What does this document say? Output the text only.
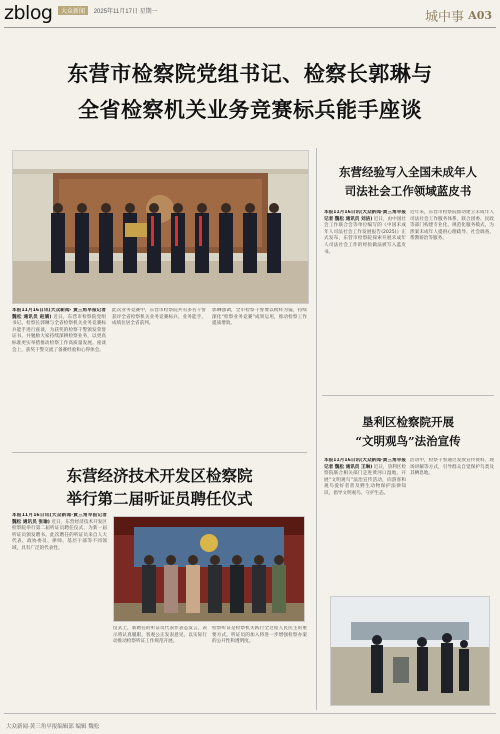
zblog	大众新闻 2025年11月17日 星期一	城中事 A03
东营市检察院党组书记、检察长郭琳与
全省检察机关业务竞赛标兵能手座谈
本报11月16日讯(大众新闻· 黄三角早报记者 魏松 通讯员 赵婧) 近日，东营市检察院党组书记、检察长郭琳与全省检察机关业务竞赛标兵能手进行座谈，为获奖的检察干警颁发荣誉证书，并勉励大家持续深耕检察业务，以更高标准更实举措推动检察工作高质量发展。座谈会上，获奖干警交流了备赛经验和心得体会。
此次业务竞赛中，东营市检察院共有多名干警获评全省检察机关业务竞赛标兵、业务能手，成绩位居全省前列。
郭琳强调，全市检察干警要以榜样为镜，持续深化“检察业务竞赛”成果运用，推动检察工作提质增效。
东营经验写入全国未成年人
司法社会工作领域蓝皮书
本报11月16日讯(大众新闻·黄三角早报记者 魏松 通讯员 刘洁) 近日，由中国社会工作联合会等单位编写的《中国未成年人司法社会工作发展报告(2025)》正式发布，东营市检察院探索开展未成年人司法社会工作的经验做法被写入蓝皮书。
近年来，东营市检察院推动建立未成年人司法社会工作服务体系，联合团委、民政等部门构建专业化、规范化服务模式，为涉案未成年人提供心理疏导、社会调查、帮教矫治等服务。
垦利区检察院开展
“文明观鸟”法治宣传
本报11月16日讯(大众新闻·黄三角早报记者 魏松 通讯员 王琳) 近日，垦利区检察院联合相关部门走进黄河口湿地，开展“文明观鸟”法治宣传活动，向游客和观鸟爱好者普及野生动物保护法律知识，倡导文明观鸟、守护生态。
活动中，检察干警通过发放宣传资料、现场讲解等方式，引导群众自觉保护鸟类及其栖息地。
东营经济技术开发区检察院
举行第二届听证员聘任仪式
本报11月16日讯(大众新闻·黄三角早报记者 魏松 通讯员 张瑜) 近日，东营经济技术开发区检察院举行第二届听证员聘任仪式，为新一届听证员颁发聘书。此次聘任的听证员来自人大代表、政协委员、律师、基层干部等不同领域，具有广泛的代表性。
仪式上，新聘任的听证员代表作表态发言，表示将认真履职，客观公正发表意见，以实际行动推动检察听证工作规范开展。
检察听证是检察机关践行全过程人民民主的重要方式，听证员的加入将进一步增强检察办案的公开性和透明度。
大众新闻·黄三角早报编辑部 编辑 魏松
